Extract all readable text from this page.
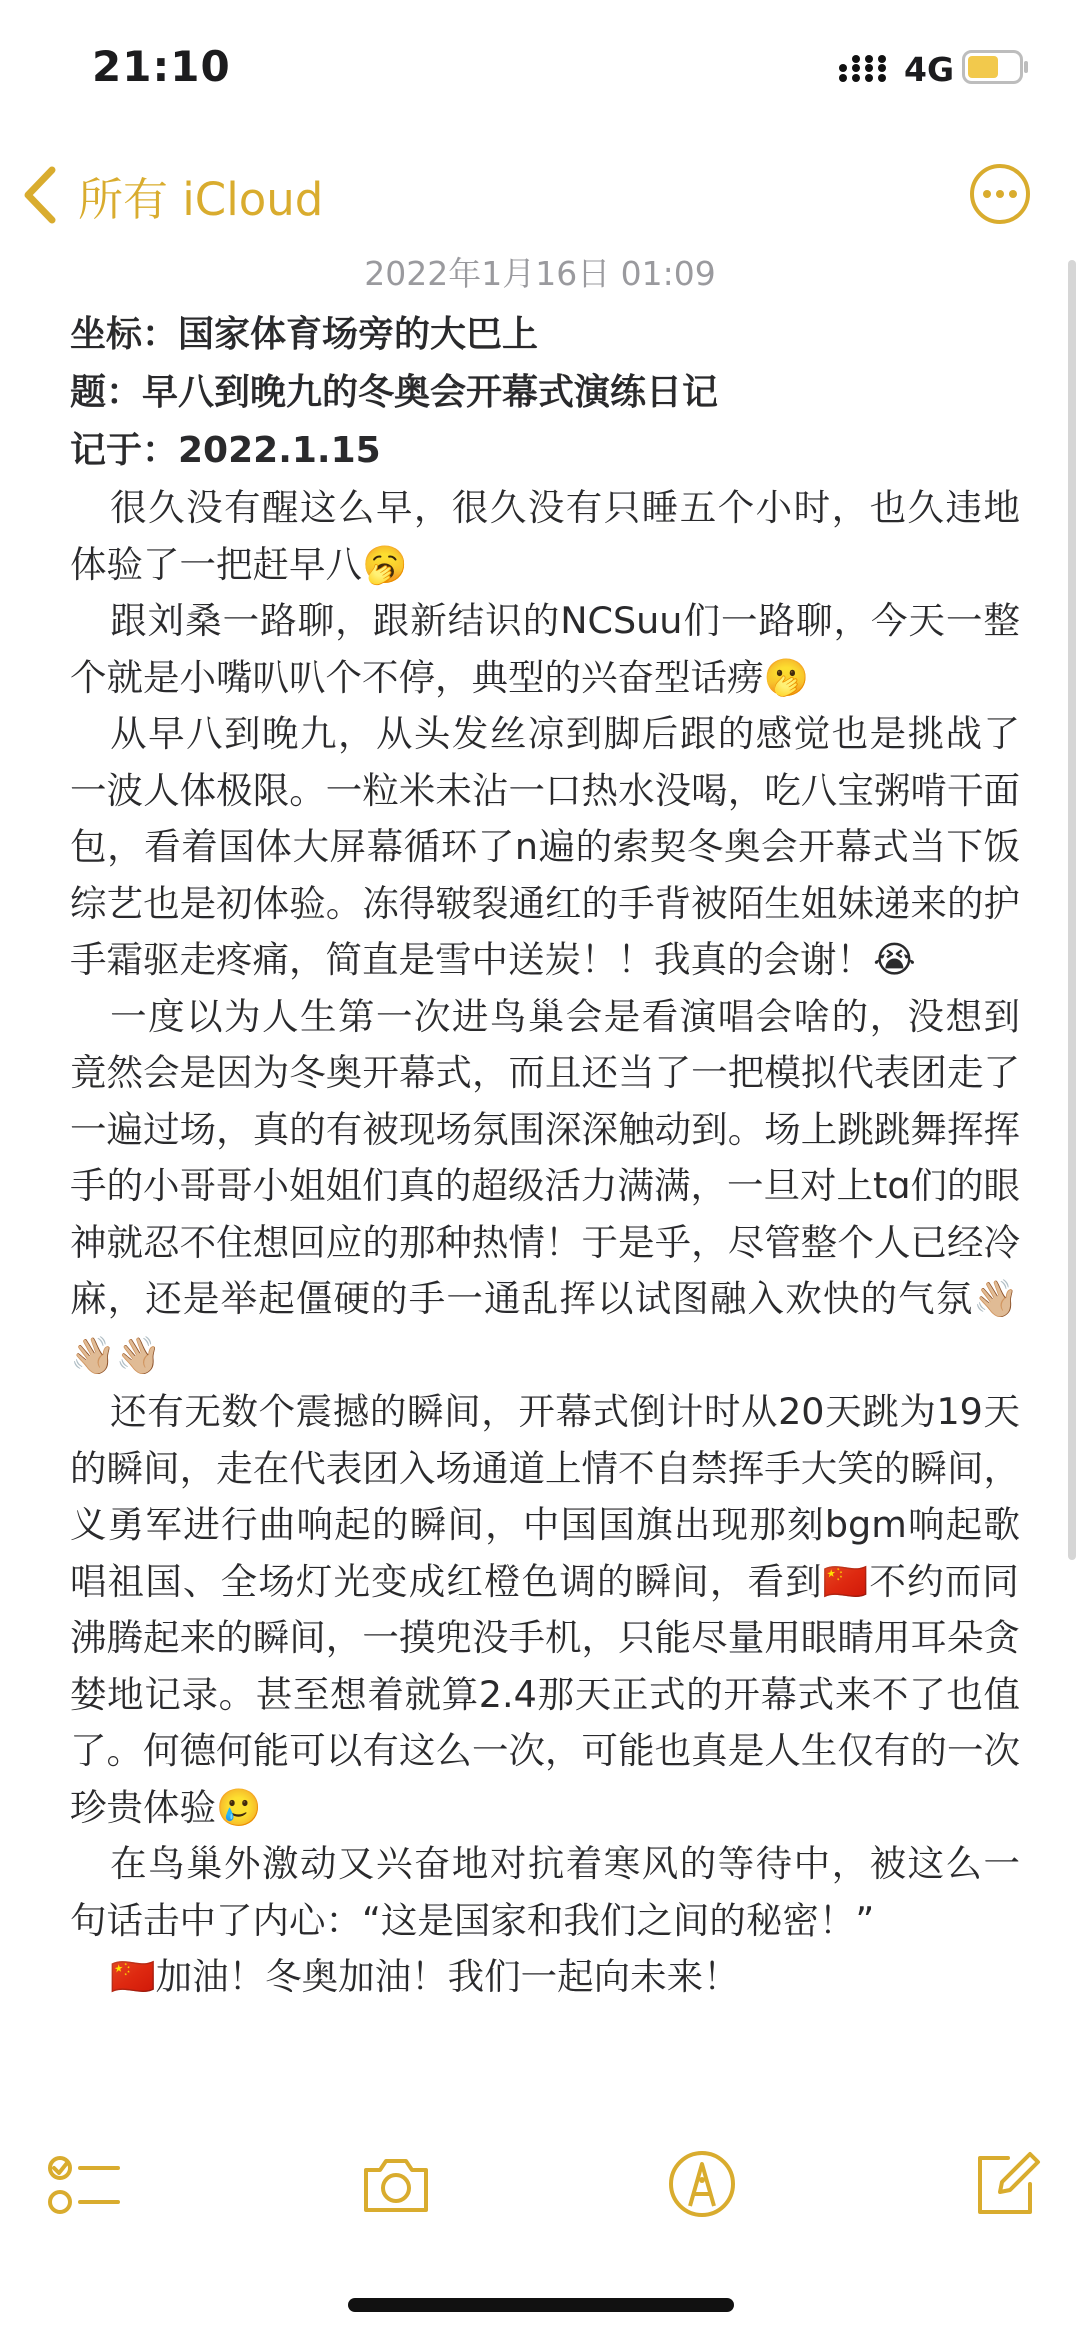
21:10	4G
所有 iCloud
2022年1月16日 01:09
坐标：国家体育场旁的大巴上
题：早八到晚九的冬奥会开幕式演练日记
记于：2022.1.15

很久没有醒这么早，很久没有只睡五个小时，也久违地体验了一把赶早八🥱

跟刘桑一路聊，跟新结识的NCSuu们一路聊，今天一整个就是小嘴叭叭个不停，典型的兴奋型话痨🫢

从早八到晚九，从头发丝凉到脚后跟的感觉也是挑战了一波人体极限。一粒米未沾一口热水没喝，吃八宝粥啃干面包，看着国体大屏幕循环了n遍的索契冬奥会开幕式当下饭综艺也是初体验。冻得皲裂通红的手背被陌生姐妹递来的护手霜驱走疼痛，简直是雪中送炭！！我真的会谢！😭

一度以为人生第一次进鸟巢会是看演唱会啥的，没想到竟然会是因为冬奥开幕式，而且还当了一把模拟代表团走了一遍过场，真的有被现场氛围深深触动到。场上跳跳舞挥挥手的小哥哥小姐姐们真的超级活力满满，一旦对上tɑ们的眼神就忍不住想回应的那种热情！于是乎，尽管整个人已经冷麻，还是举起僵硬的手一通乱挥以试图融入欢快的气氛👋🏼👋🏼👋🏼

还有无数个震撼的瞬间，开幕式倒计时从20天跳为19天的瞬间，走在代表团入场通道上情不自禁挥手大笑的瞬间，义勇军进行曲响起的瞬间，中国国旗出现那刻bgm响起歌唱祖国、全场灯光变成红橙色调的瞬间，看到🇨🇳不约而同沸腾起来的瞬间，一摸兜没手机，只能尽量用眼睛用耳朵贪婪地记录。甚至想着就算2.4那天正式的开幕式来不了也值了。何德何能可以有这么一次，可能也真是人生仅有的一次珍贵体验🥲

在鸟巢外激动又兴奋地对抗着寒风的等待中，被这么一句话击中了内心：“这是国家和我们之间的秘密！”

🇨🇳加油！冬奥加油！我们一起向未来！
